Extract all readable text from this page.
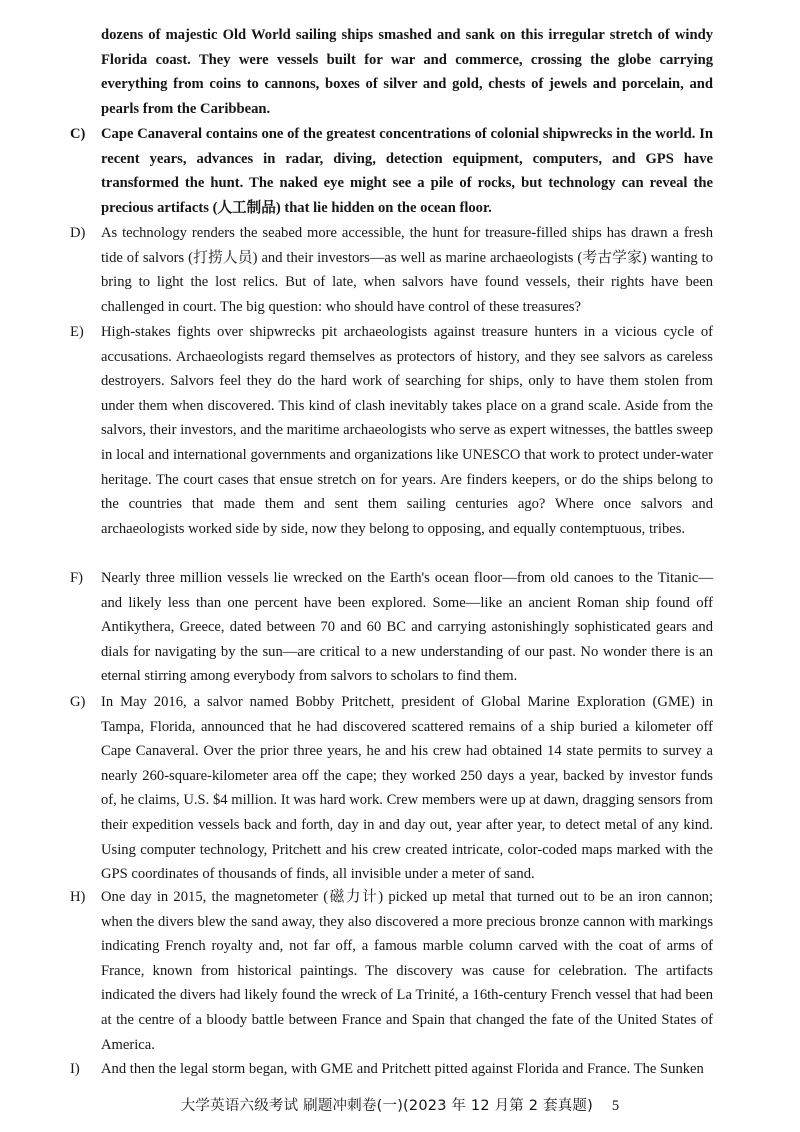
dozens of majestic Old World sailing ships smashed and sank on this irregular stretch of windy Florida coast. They were vessels built for war and commerce, crossing the globe carrying everything from coins to cannons, boxes of silver and gold, chests of jewels and porcelain, and pearls from the Caribbean.

C)	Cape Canaveral contains one of the greatest concentrations of colonial shipwrecks in the world. In recent years, advances in radar, diving, detection equipment, computers, and GPS have transformed the hunt. The naked eye might see a pile of rocks, but technology can reveal the precious artifacts (人工制品) that lie hidden on the ocean floor.

D)	As technology renders the seabed more accessible, the hunt for treasure-filled ships has drawn a fresh tide of salvors (打捞人员) and their investors—as well as marine archaeologists (考古学家) wanting to bring to light the lost relics. But of late, when salvors have found vessels, their rights have been challenged in court. The big question: who should have control of these treasures?

E)	High-stakes fights over shipwrecks pit archaeologists against treasure hunters in a vicious cycle of accusations. Archaeologists regard themselves as protectors of history, and they see salvors as careless destroyers. Salvors feel they do the hard work of searching for ships, only to have them stolen from under them when discovered. This kind of clash inevitably takes place on a grand scale. Aside from the salvors, their investors, and the maritime archaeologists who serve as expert witnesses, the battles sweep in local and international governments and organizations like UNESCO that work to protect under-water heritage. The court cases that ensue stretch on for years. Are finders keepers, or do the ships belong to the countries that made them and sent them sailing centuries ago? Where once salvors and archaeologists worked side by side, now they belong to opposing, and equally contemptuous, tribes.

F)	Nearly three million vessels lie wrecked on the Earth's ocean floor—from old canoes to the Titanic—and likely less than one percent have been explored. Some—like an ancient Roman ship found off Antikythera, Greece, dated between 70 and 60 BC and carrying astonishingly sophisticated gears and dials for navigating by the sun—are critical to a new understanding of our past. No wonder there is an eternal stirring among everybody from salvors to scholars to find them.

G)	In May 2016, a salvor named Bobby Pritchett, president of Global Marine Exploration (GME) in Tampa, Florida, announced that he had discovered scattered remains of a ship buried a kilometer off Cape Canaveral. Over the prior three years, he and his crew had obtained 14 state permits to survey a nearly 260-square-kilometer area off the cape; they worked 250 days a year, backed by investor funds of, he claims, U.S. $4 million. It was hard work. Crew members were up at dawn, dragging sensors from their expedition vessels back and forth, day in and day out, year after year, to detect metal of any kind. Using computer technology, Pritchett and his crew created intricate, color-coded maps marked with the GPS coordinates of thousands of finds, all invisible under a meter of sand.

H)	One day in 2015, the magnetometer (磁力计) picked up metal that turned out to be an iron cannon; when the divers blew the sand away, they also discovered a more precious bronze cannon with markings indicating French royalty and, not far off, a famous marble column carved with the coat of arms of France, known from historical paintings. The discovery was cause for celebration. The artifacts indicated the divers had likely found the wreck of La Trinité, a 16th-century French vessel that had been at the centre of a bloody battle between France and Spain that changed the fate of the United States of America.

I)	And then the legal storm began, with GME and Pritchett pitted against Florida and France. The Sunken

大学英语六级考试 刷题冲刺卷(一)(2023 年 12 月第 2 套真题) 5
